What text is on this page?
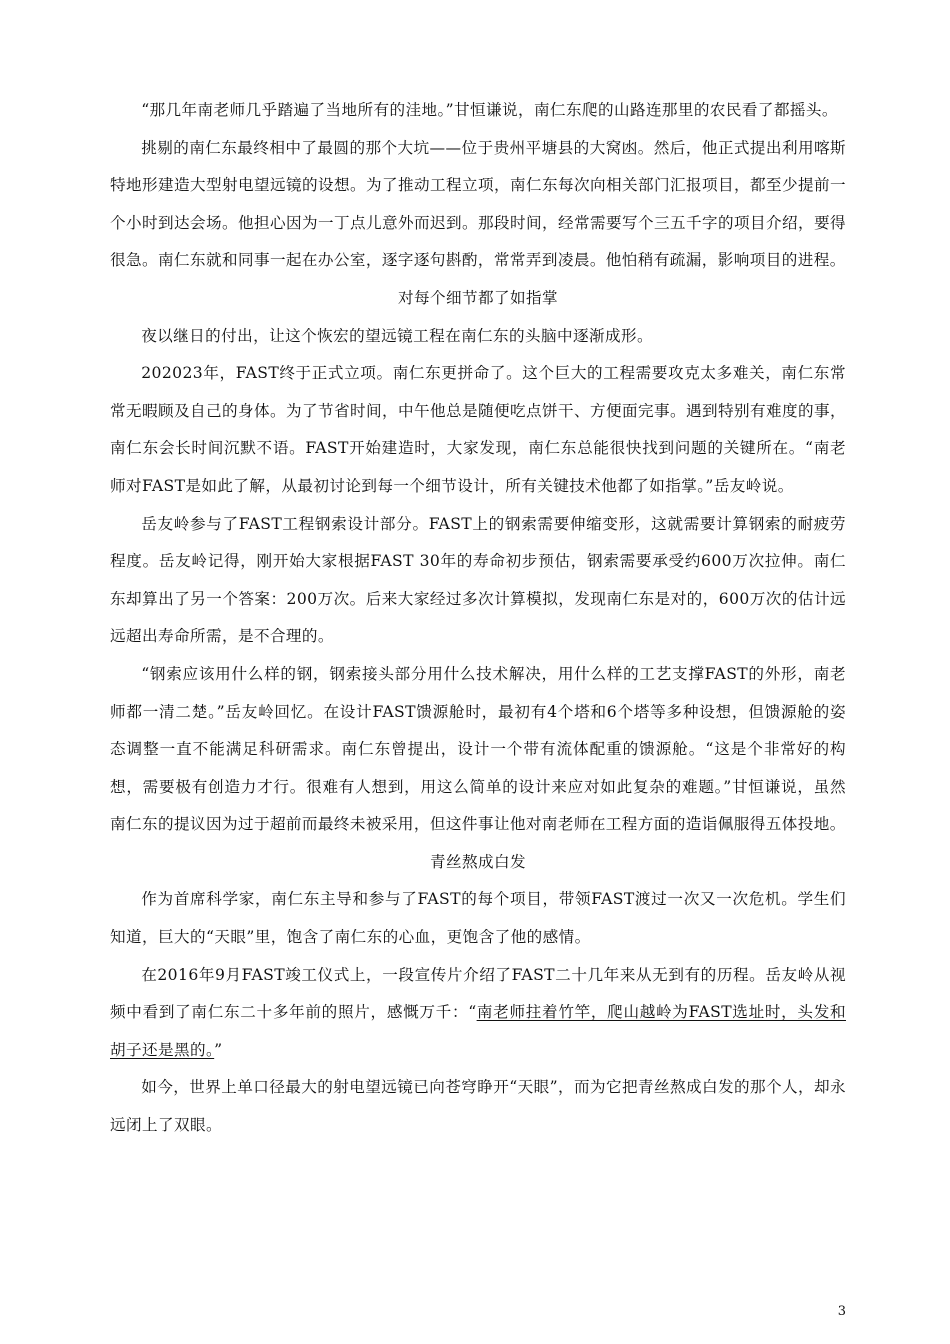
“那几年南老师几乎踏遍了当地所有的洼地。”甘恒谦说，南仁东爬的山路连那里的农民看了都摇头。

挑剔的南仁东最终相中了最圆的那个大坑——位于贵州平塘县的大窝凼。然后，他正式提出利用喀斯特地形建造大型射电望远镜的设想。为了推动工程立项，南仁东每次向相关部门汇报项目，都至少提前一个小时到达会场。他担心因为一丁点儿意外而迟到。那段时间，经常需要写个三五千字的项目介绍，要得很急。南仁东就和同事一起在办公室，逐字逐句斟酌，常常弄到凌晨。他怕稍有疏漏，影响项目的进程。

对每个细节都了如指掌

夜以继日的付出，让这个恢宏的望远镜工程在南仁东的头脑中逐渐成形。

202023年，FAST终于正式立项。南仁东更拼命了。这个巨大的工程需要攻克太多难关，南仁东常常无暇顾及自己的身体。为了节省时间，中午他总是随便吃点饼干、方便面完事。遇到特别有难度的事，南仁东会长时间沉默不语。FAST开始建造时，大家发现，南仁东总能很快找到问题的关键所在。“南老师对FAST是如此了解，从最初讨论到每一个细节设计，所有关键技术他都了如指掌。”岳友岭说。

岳友岭参与了FAST工程钢索设计部分。FAST上的钢索需要伸缩变形，这就需要计算钢索的耐疲劳程度。岳友岭记得，刚开始大家根据FAST 30年的寿命初步预估，钢索需要承受约600万次拉伸。南仁东却算出了另一个答案：200万次。后来大家经过多次计算模拟，发现南仁东是对的，600万次的估计远远超出寿命所需，是不合理的。

“钢索应该用什么样的钢，钢索接头部分用什么技术解决，用什么样的工艺支撑FAST的外形，南老师都一清二楚。”岳友岭回忆。在设计FAST馈源舱时，最初有4个塔和6个塔等多种设想，但馈源舱的姿态调整一直不能满足科研需求。南仁东曾提出，设计一个带有流体配重的馈源舱。“这是个非常好的构想，需要极有创造力才行。很难有人想到，用这么简单的设计来应对如此复杂的难题。”甘恒谦说，虽然南仁东的提议因为过于超前而最终未被采用，但这件事让他对南老师在工程方面的造诣佩服得五体投地。

青丝熬成白发

作为首席科学家，南仁东主导和参与了FAST的每个项目，带领FAST渡过一次又一次危机。学生们知道，巨大的“天眼”里，饱含了南仁东的心血，更饱含了他的感情。

在2016年9月FAST竣工仪式上，一段宣传片介绍了FAST二十几年来从无到有的历程。岳友岭从视频中看到了南仁东二十多年前的照片，感慨万千：“南老师拄着竹竿，爬山越岭为FAST选址时，头发和胡子还是黑的。”

如今，世界上单口径最大的射电望远镜已向苍穹睁开“天眼”，而为它把青丝熬成白发的那个人，却永远闭上了双眼。

3
